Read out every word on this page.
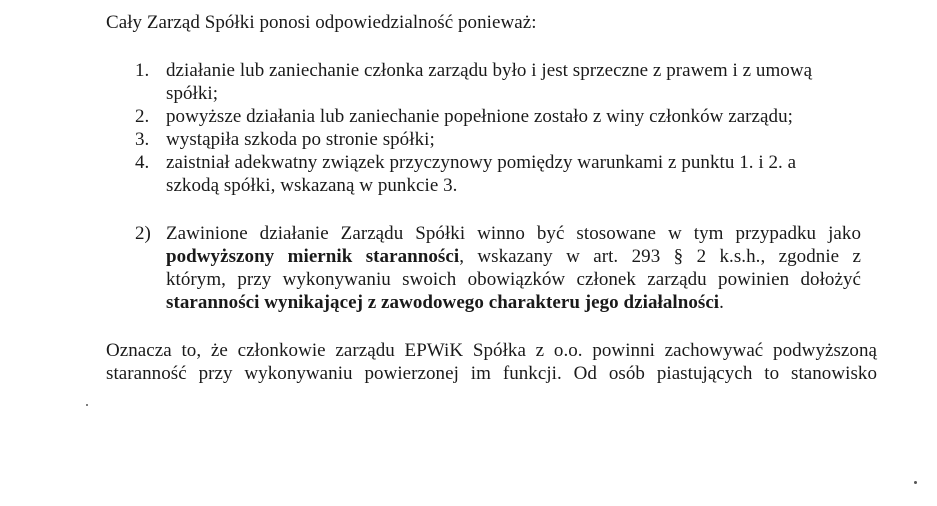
Cały Zarząd Spółki ponosi odpowiedzialność ponieważ:
1. działanie lub zaniechanie członka zarządu było i jest sprzeczne z prawem i z umową
spółki;
2. powyższe działania lub zaniechanie popełnione zostało z winy członków zarządu;
3. wystąpiła szkoda po stronie spółki;
4. zaistniał adekwatny związek przyczynowy pomiędzy warunkami z punktu 1. i 2. a
szkodą spółki, wskazaną w punkcie 3.
2) Zawinione działanie Zarządu Spółki winno być stosowane w tym przypadku jako
podwyższony miernik staranności, wskazany w art. 293 § 2 k.s.h., zgodnie z
którym, przy wykonywaniu swoich obowiązków członek zarządu powinien dołożyć
staranności wynikającej z zawodowego charakteru jego działalności.
Oznacza to, że członkowie zarządu EPWiK Spółka z o.o. powinni zachowywać podwyższoną
staranność przy wykonywaniu powierzonej im funkcji. Od osób piastujących to stanowisko
